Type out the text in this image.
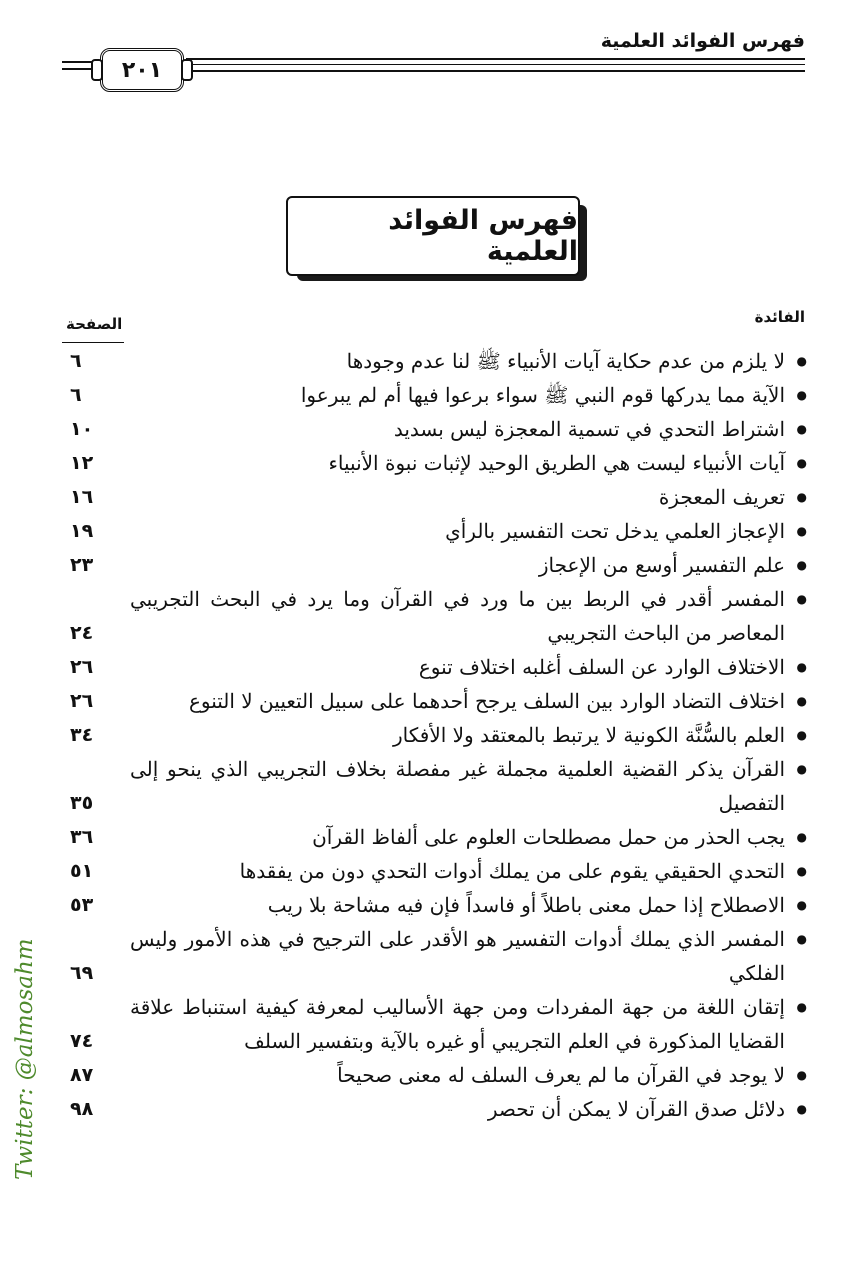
فهرس الفوائد العلمية
٢٠١
فهرس الفوائد العلمية
الفائدة
الصفحة
● لا يلزم من عدم حكاية آيات الأنبياء ﷺ لنا عدم وجودها
٦
● الآية مما يدركها قوم النبي ﷺ سواء برعوا فيها أم لم يبرعوا
٦
● اشتراط التحدي في تسمية المعجزة ليس بسديد
١٠
● آيات الأنبياء ليست هي الطريق الوحيد لإثبات نبوة الأنبياء
١٢
● تعريف المعجزة
١٦
● الإعجاز العلمي يدخل تحت التفسير بالرأي
١٩
● علم التفسير أوسع من الإعجاز
٢٣
● المفسر أقدر في الربط بين ما ورد في القرآن وما يرد في البحث التجريبي المعاصر من الباحث التجريبي
٢٤
● الاختلاف الوارد عن السلف أغلبه اختلاف تنوع
٢٦
● اختلاف التضاد الوارد بين السلف يرجح أحدهما على سبيل التعيين لا التنوع
٢٦
● العلم بالسُّنَّة الكونية لا يرتبط بالمعتقد ولا الأفكار
٣٤
● القرآن يذكر القضية العلمية مجملة غير مفصلة بخلاف التجريبي الذي ينحو إلى التفصيل
٣٥
● يجب الحذر من حمل مصطلحات العلوم على ألفاظ القرآن
٣٦
● التحدي الحقيقي يقوم على من يملك أدوات التحدي دون من يفقدها
٥١
● الاصطلاح إذا حمل معنى باطلاً أو فاسداً فإن فيه مشاحة بلا ريب
٥٣
● المفسر الذي يملك أدوات التفسير هو الأقدر على الترجيح في هذه الأمور وليس الفلكي
٦٩
● إتقان اللغة من جهة المفردات ومن جهة الأساليب لمعرفة كيفية استنباط علاقة القضايا المذكورة في العلم التجريبي أو غيره بالآية وبتفسير السلف
٧٤
● لا يوجد في القرآن ما لم يعرف السلف له معنى صحيحاً
٨٧
● دلائل صدق القرآن لا يمكن أن تحصر
٩٨
Twitter: @almosahm
